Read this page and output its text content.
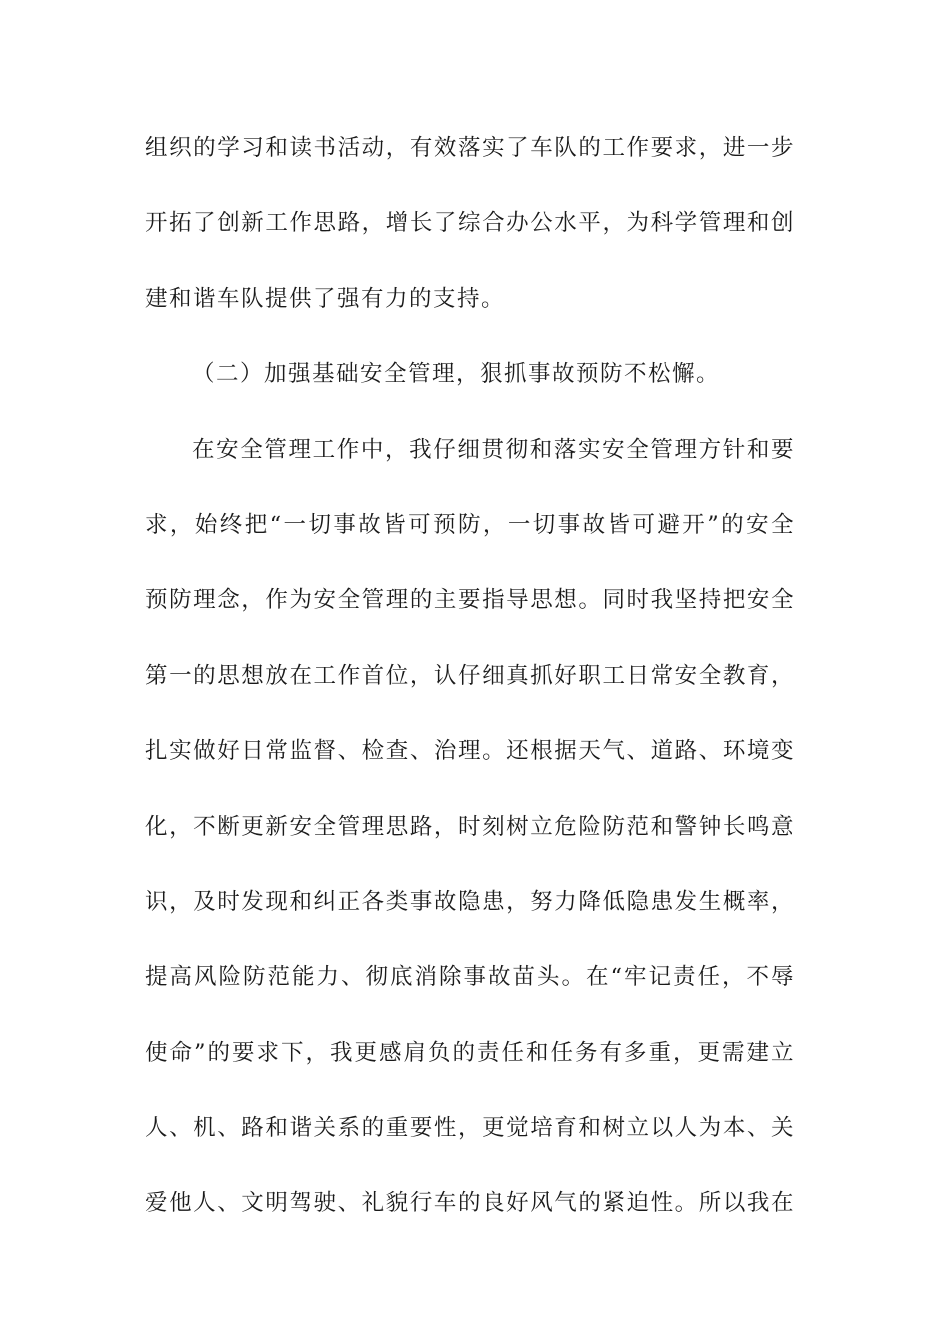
组织的学习和读书活动，有效落实了车队的工作要求，进一步
开拓了创新工作思路，增长了综合办公水平，为科学管理和创
建和谐车队提供了强有力的支持。
（二）加强基础安全管理，狠抓事故预防不松懈。
在安全管理工作中，我仔细贯彻和落实安全管理方针和要
求，始终把“一切事故皆可预防，一切事故皆可避开”的安全
预防理念，作为安全管理的主要指导思想。同时我坚持把安全
第一的思想放在工作首位，认仔细真抓好职工日常安全教育，
扎实做好日常监督、检查、治理。还根据天气、道路、环境变
化，不断更新安全管理思路，时刻树立危险防范和警钟长鸣意
识，及时发现和纠正各类事故隐患，努力降低隐患发生概率，
提高风险防范能力、彻底消除事故苗头。在“牢记责任，不辱
使命”的要求下，我更感肩负的责任和任务有多重，更需建立
人、机、路和谐关系的重要性，更觉培育和树立以人为本、关
爱他人、文明驾驶、礼貌行车的良好风气的紧迫性。所以我在
